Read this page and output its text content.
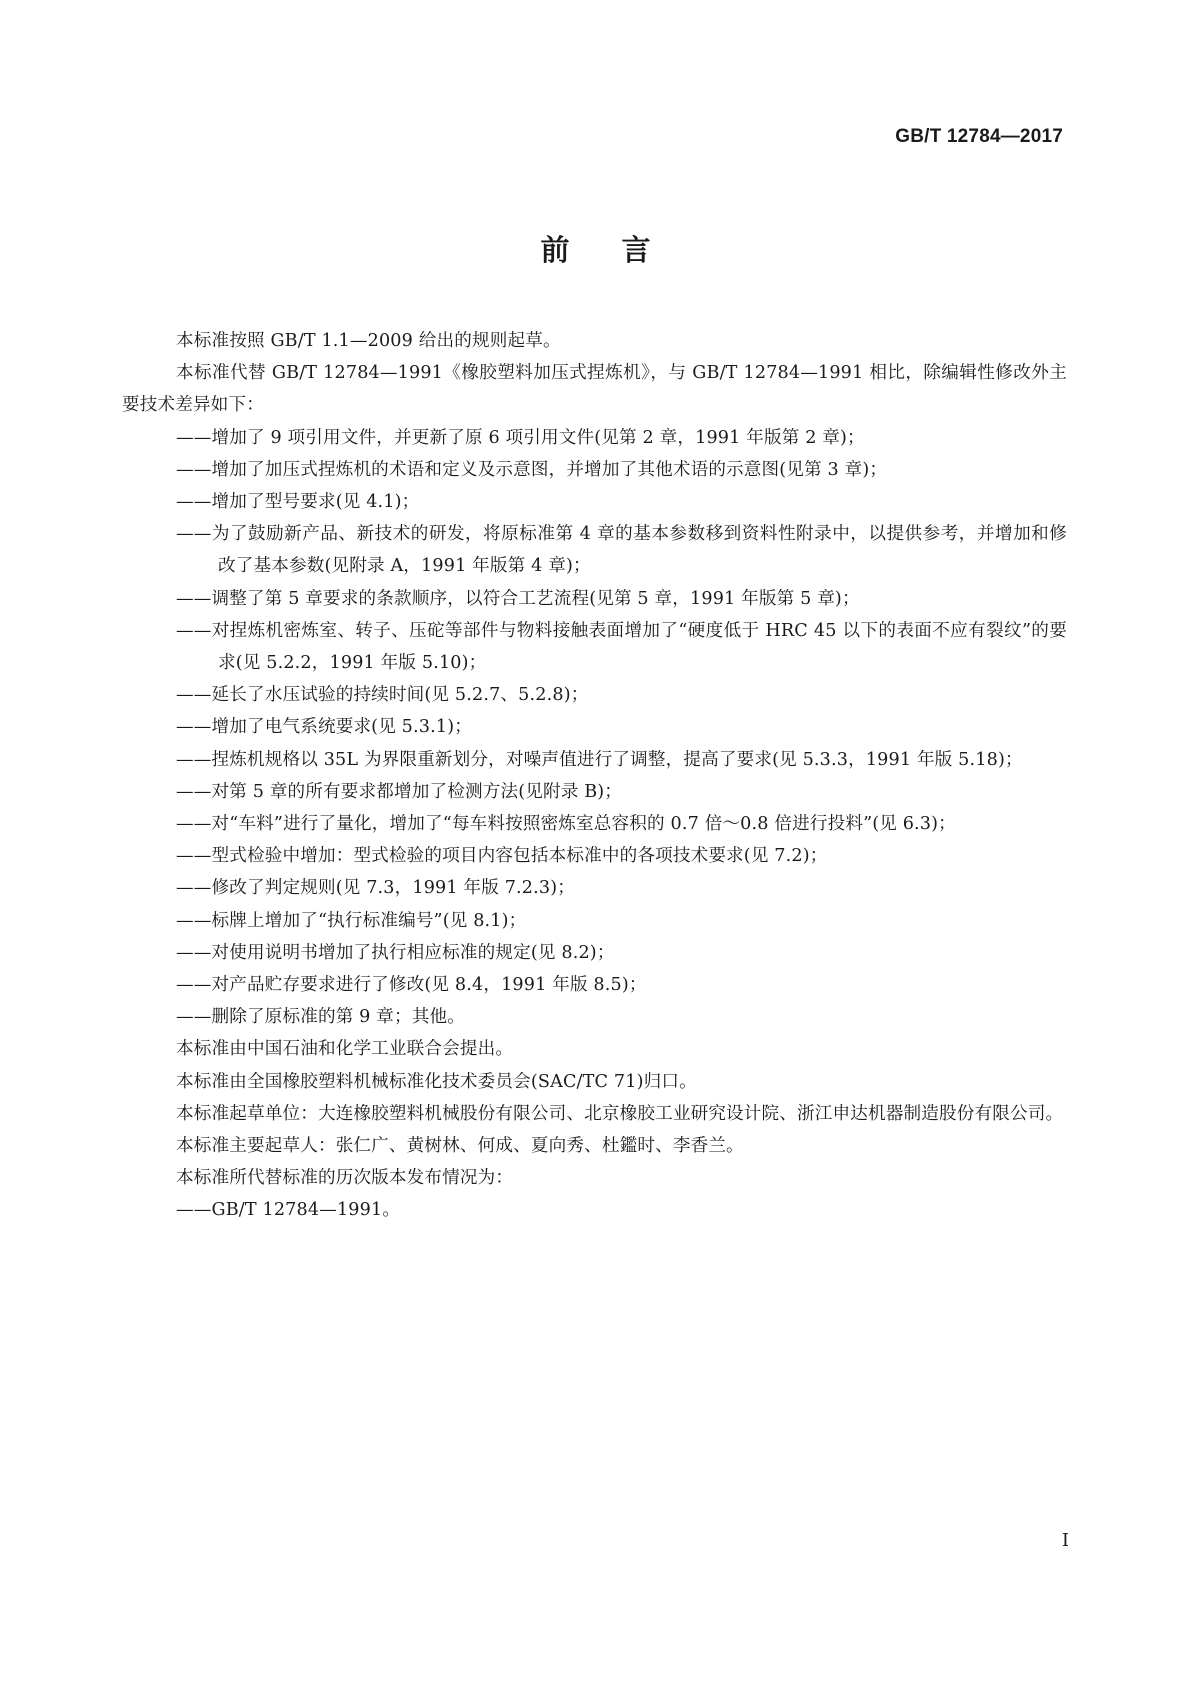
GB/T 12784—2017
前言

本标准按照 GB/T 1.1—2009 给出的规则起草。

本标准代替 GB/T 12784—1991《橡胶塑料加压式捏炼机》，与 GB/T 12784—1991 相比，除编辑性修改外主要技术差异如下：

——增加了 9 项引用文件，并更新了原 6 项引用文件(见第 2 章，1991 年版第 2 章)；

——增加了加压式捏炼机的术语和定义及示意图，并增加了其他术语的示意图(见第 3 章)；

——增加了型号要求(见 4.1)；

——为了鼓励新产品、新技术的研发，将原标准第 4 章的基本参数移到资料性附录中，以提供参考，并增加和修改了基本参数(见附录 A，1991 年版第 4 章)；

——调整了第 5 章要求的条款顺序，以符合工艺流程(见第 5 章，1991 年版第 5 章)；

——对捏炼机密炼室、转子、压砣等部件与物料接触表面增加了“硬度低于 HRC 45 以下的表面不应有裂纹”的要求(见 5.2.2，1991 年版 5.10)；

——延长了水压试验的持续时间(见 5.2.7、5.2.8)；

——增加了电气系统要求(见 5.3.1)；

——捏炼机规格以 35L 为界限重新划分，对噪声值进行了调整，提高了要求(见 5.3.3，1991 年版 5.18)；

——对第 5 章的所有要求都增加了检测方法(见附录 B)；

——对“车料”进行了量化，增加了“每车料按照密炼室总容积的 0.7 倍～0.8 倍进行投料”(见 6.3)；

——型式检验中增加：型式检验的项目内容包括本标准中的各项技术要求(见 7.2)；

——修改了判定规则(见 7.3，1991 年版 7.2.3)；

——标牌上增加了“执行标准编号”(见 8.1)；

——对使用说明书增加了执行相应标准的规定(见 8.2)；

——对产品贮存要求进行了修改(见 8.4，1991 年版 8.5)；

——删除了原标准的第 9 章；其他。

本标准由中国石油和化学工业联合会提出。

本标准由全国橡胶塑料机械标准化技术委员会(SAC/TC 71)归口。

本标准起草单位：大连橡胶塑料机械股份有限公司、北京橡胶工业研究设计院、浙江申达机器制造股份有限公司。

本标准主要起草人：张仁广、黄树林、何成、夏向秀、杜鑑时、李香兰。

本标准所代替标准的历次版本发布情况为：

——GB/T 12784—1991。

I
